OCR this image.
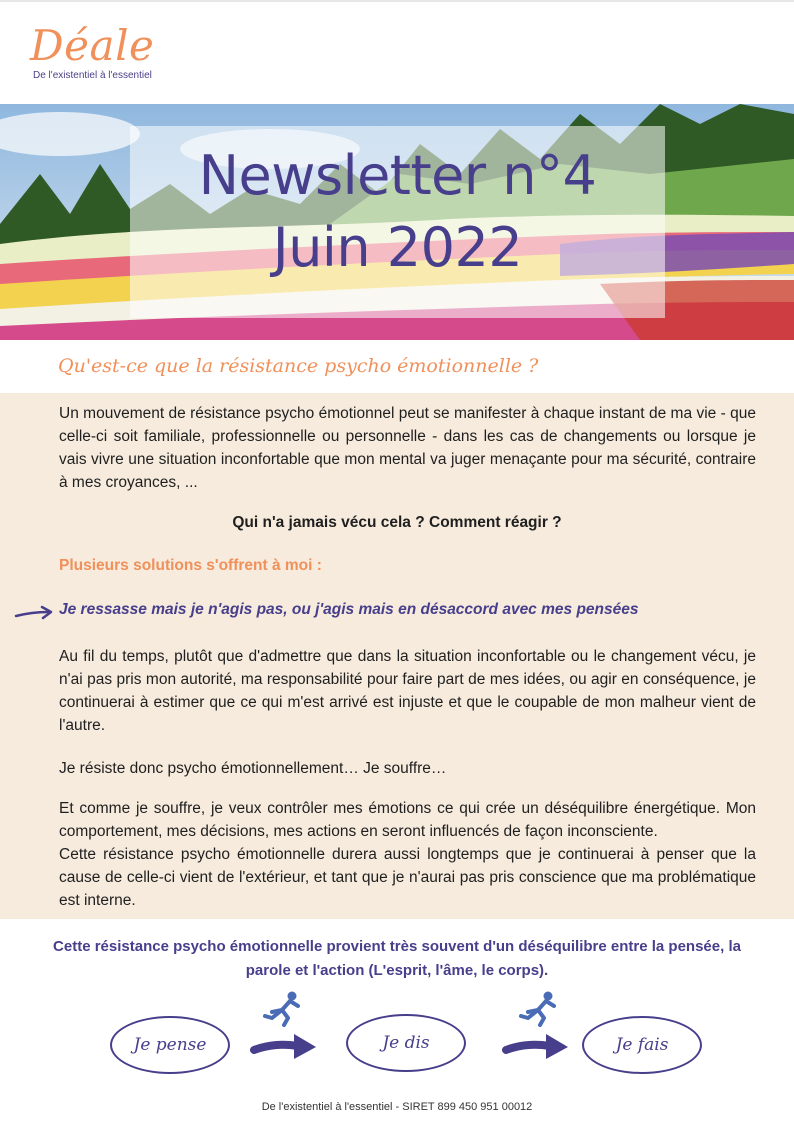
Déale
De l'existentiel à l'essentiel
Newsletter n°4
Juin 2022
Qu'est-ce que la résistance psycho émotionnelle ?
Un mouvement de résistance psycho émotionnel peut se manifester à chaque instant de ma vie - que celle-ci soit familiale, professionnelle ou personnelle - dans les cas de changements ou lorsque je vais vivre une situation inconfortable que mon mental va juger menaçante pour ma sécurité, contraire à mes croyances, ...
Qui n'a jamais vécu cela ? Comment réagir ?
Plusieurs solutions s'offrent à moi :
Je ressasse mais je n'agis pas, ou j'agis mais en désaccord avec mes pensées
Au fil du temps, plutôt que d'admettre que dans la situation inconfortable ou le changement vécu, je n'ai pas pris mon autorité, ma responsabilité pour faire part de mes idées, ou agir en conséquence, je continuerai à estimer que ce qui m'est arrivé est injuste et que le coupable de mon malheur vient de l'autre.
Je résiste donc psycho émotionnellement… Je souffre…
Et comme je souffre, je veux contrôler mes émotions ce qui crée un déséquilibre énergétique. Mon comportement, mes décisions, mes actions en seront influencés de façon inconsciente.
Cette résistance psycho émotionnelle durera aussi longtemps que je continuerai à penser que la cause de celle-ci vient de l'extérieur, et tant que je n'aurai pas pris conscience que ma problématique est interne.
Cette résistance psycho émotionnelle provient très souvent d'un déséquilibre entre la pensée, la parole et l'action (L'esprit, l'âme, le corps).
Je pense	Je dis	Je fais
De l'existentiel à l'essentiel - SIRET 899 450 951 00012
